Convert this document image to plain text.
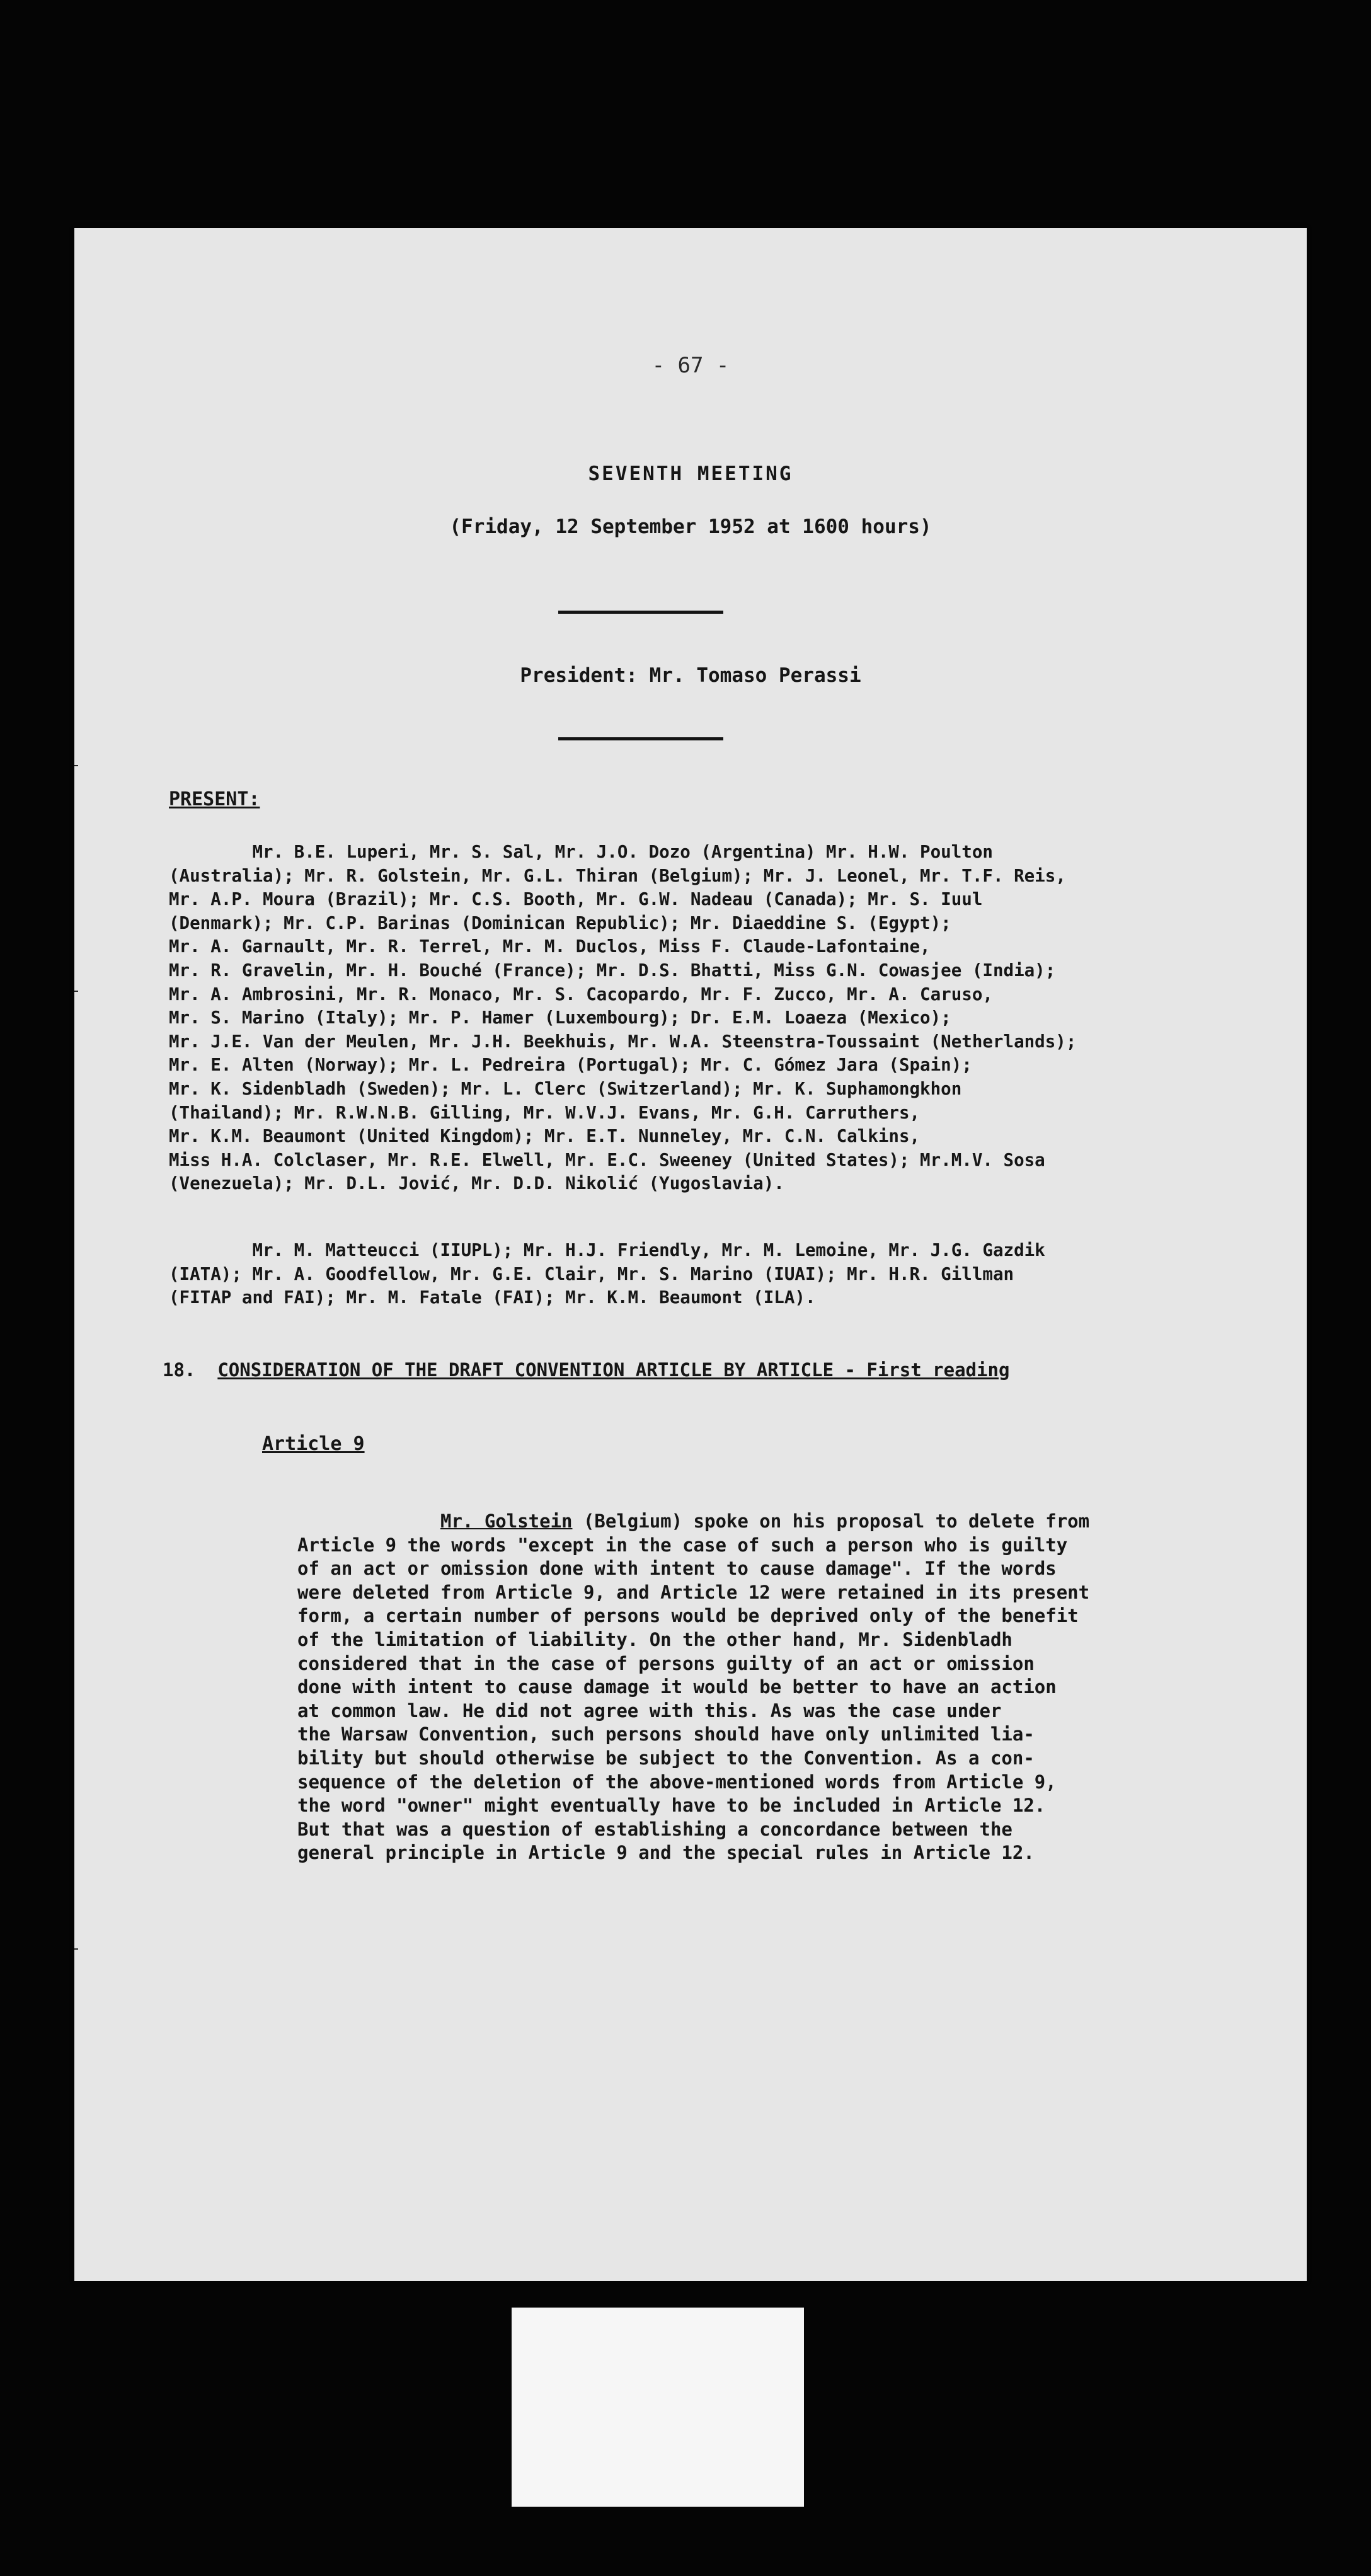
- 67 -
SEVENTH MEETING
(Friday, 12 September 1952 at 1600 hours)
President: Mr. Tomaso Perassi
PRESENT:

Mr. B.E. Luperi, Mr. S. Sal, Mr. J.O. Dozo (Argentina) Mr. H.W. Poulton

(Australia); Mr. R. Golstein, Mr. G.L. Thiran (Belgium); Mr. J. Leonel, Mr. T.F. Reis,

Mr. A.P. Moura (Brazil); Mr. C.S. Booth, Mr. G.W. Nadeau (Canada); Mr. S. Iuul

(Denmark); Mr. C.P. Barinas (Dominican Republic); Mr. Diaeddine S. (Egypt);

Mr. A. Garnault, Mr. R. Terrel, Mr. M. Duclos, Miss F. Claude-Lafontaine,

Mr. R. Gravelin, Mr. H. Bouché (France); Mr. D.S. Bhatti, Miss G.N. Cowasjee (India);

Mr. A. Ambrosini, Mr. R. Monaco, Mr. S. Cacopardo, Mr. F. Zucco, Mr. A. Caruso,

Mr. S. Marino (Italy); Mr. P. Hamer (Luxembourg); Dr. E.M. Loaeza (Mexico);

Mr. J.E. Van der Meulen, Mr. J.H. Beekhuis, Mr. W.A. Steenstra-Toussaint (Netherlands);

Mr. E. Alten (Norway); Mr. L. Pedreira (Portugal); Mr. C. Gómez Jara (Spain);

Mr. K. Sidenbladh (Sweden); Mr. L. Clerc (Switzerland); Mr. K. Suphamongkhon

(Thailand); Mr. R.W.N.B. Gilling, Mr. W.V.J. Evans, Mr. G.H. Carruthers,

Mr. K.M. Beaumont (United Kingdom); Mr. E.T. Nunneley, Mr. C.N. Calkins,

Miss H.A. Colclaser, Mr. R.E. Elwell, Mr. E.C. Sweeney (United States); Mr.M.V. Sosa

(Venezuela); Mr. D.L. Jović, Mr. D.D. Nikolić (Yugoslavia).

Mr. M. Matteucci (IIUPL); Mr. H.J. Friendly, Mr. M. Lemoine, Mr. J.G. Gazdik

(IATA); Mr. A. Goodfellow, Mr. G.E. Clair, Mr. S. Marino (IUAI); Mr. H.R. Gillman

(FITAP and FAI); Mr. M. Fatale (FAI); Mr. K.M. Beaumont (ILA).

18. CONSIDERATION OF THE DRAFT CONVENTION ARTICLE BY ARTICLE - First reading
Article 9

Mr. Golstein (Belgium) spoke on his proposal to delete from

Article 9 the words "except in the case of such a person who is guilty

of an act or omission done with intent to cause damage". If the words

were deleted from Article 9, and Article 12 were retained in its present

form, a certain number of persons would be deprived only of the benefit

of the limitation of liability. On the other hand, Mr. Sidenbladh

considered that in the case of persons guilty of an act or omission

done with intent to cause damage it would be better to have an action

at common law. He did not agree with this. As was the case under

the Warsaw Convention, such persons should have only unlimited lia-

bility but should otherwise be subject to the Convention. As a con-

sequence of the deletion of the above-mentioned words from Article 9,

the word "owner" might eventually have to be included in Article 12.

But that was a question of establishing a concordance between the

general principle in Article 9 and the special rules in Article 12.
